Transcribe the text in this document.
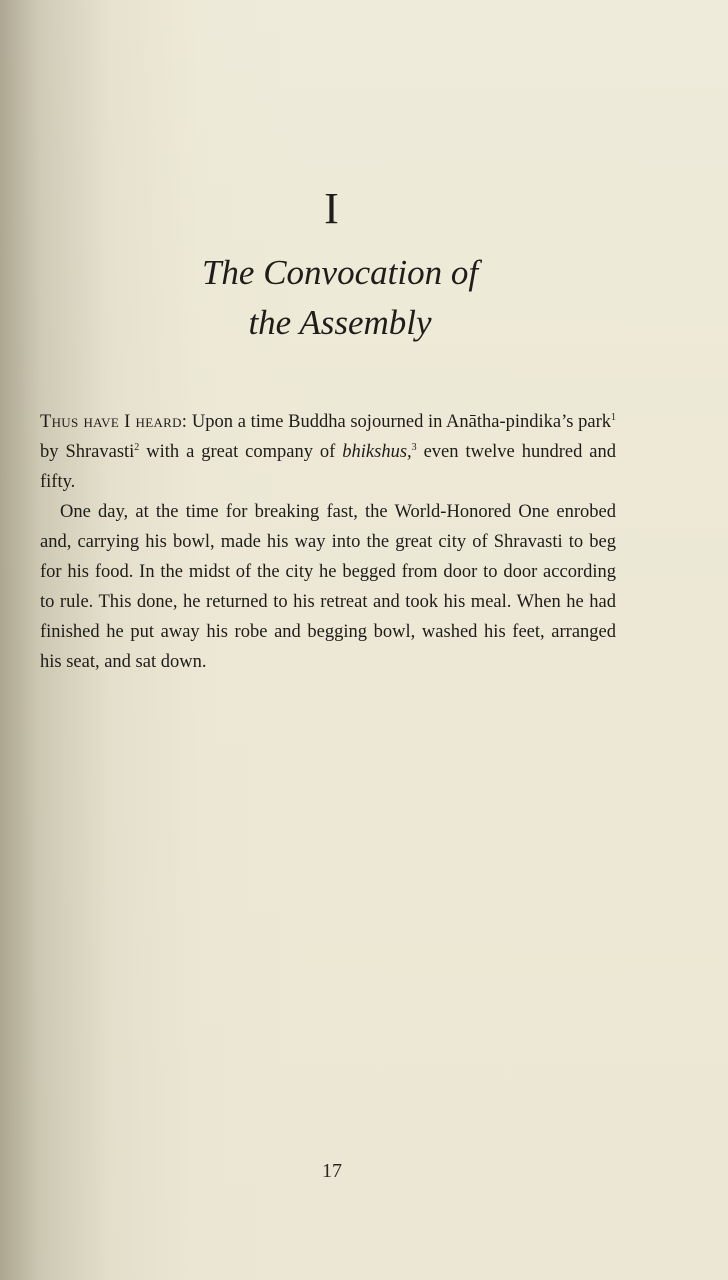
I
The Convocation of
the Assembly

Thus have I heard: Upon a time Buddha sojourned in Anātha-pindika’s park$^1$ by Shravasti$^2$ with a great company of bhikshus,$^3$ even twelve hundred and fifty.

One day, at the time for breaking fast, the World-Honored One enrobed and, carrying his bowl, made his way into the great city of Shravasti to beg for his food. In the midst of the city he begged from door to door according to rule. This done, he returned to his retreat and took his meal. When he had finished he put away his robe and begging bowl, washed his feet, arranged his seat, and sat down.

17
